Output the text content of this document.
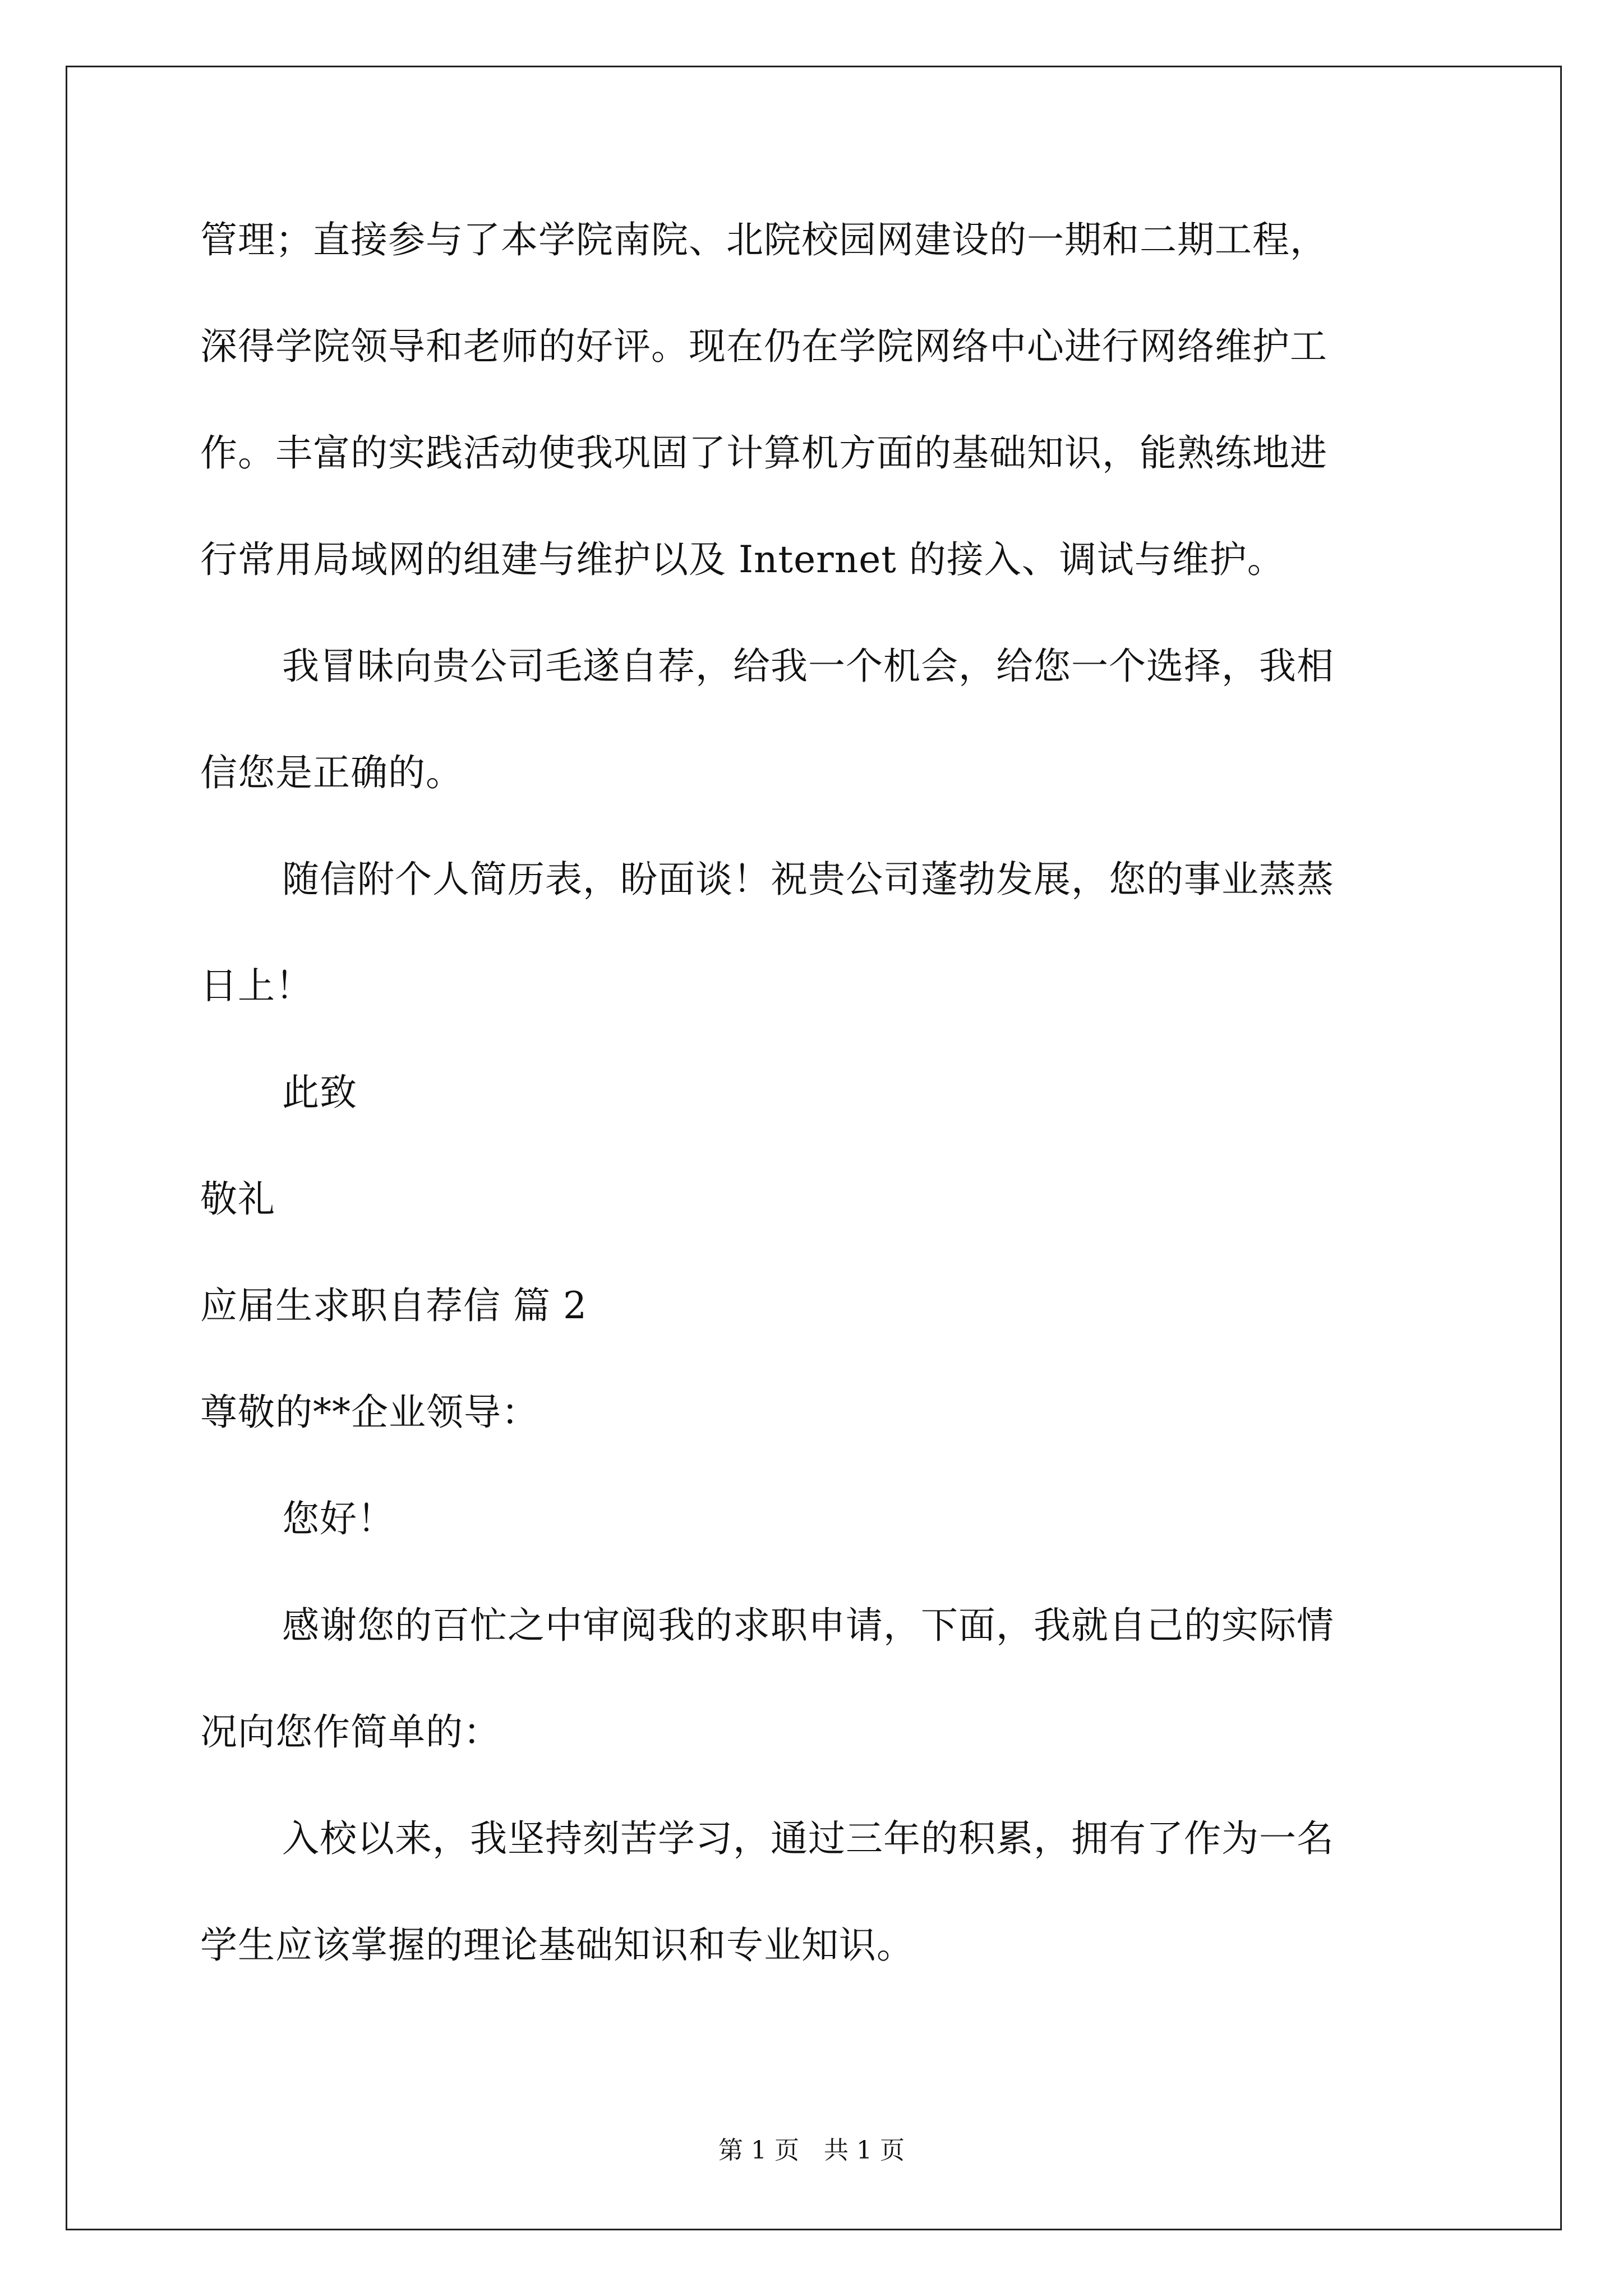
管理；直接参与了本学院南院、北院校园网建设的一期和二期工程，
深得学院领导和老师的好评。现在仍在学院网络中心进行网络维护工
作。丰富的实践活动使我巩固了计算机方面的基础知识，能熟练地进
行常用局域网的组建与维护以及 Internet 的接入、调试与维护。
我冒昧向贵公司毛遂自荐，给我一个机会，给您一个选择，我相
信您是正确的。
随信附个人简历表，盼面谈！祝贵公司蓬勃发展，您的事业蒸蒸
日上！
此致
敬礼
应届生求职自荐信 篇 2
尊敬的**企业领导：
您好！
感谢您的百忙之中审阅我的求职申请，下面，我就自己的实际情
况向您作简单的：
入校以来，我坚持刻苦学习，通过三年的积累，拥有了作为一名
学生应该掌握的理论基础知识和专业知识。
第 1 页　共 1 页
